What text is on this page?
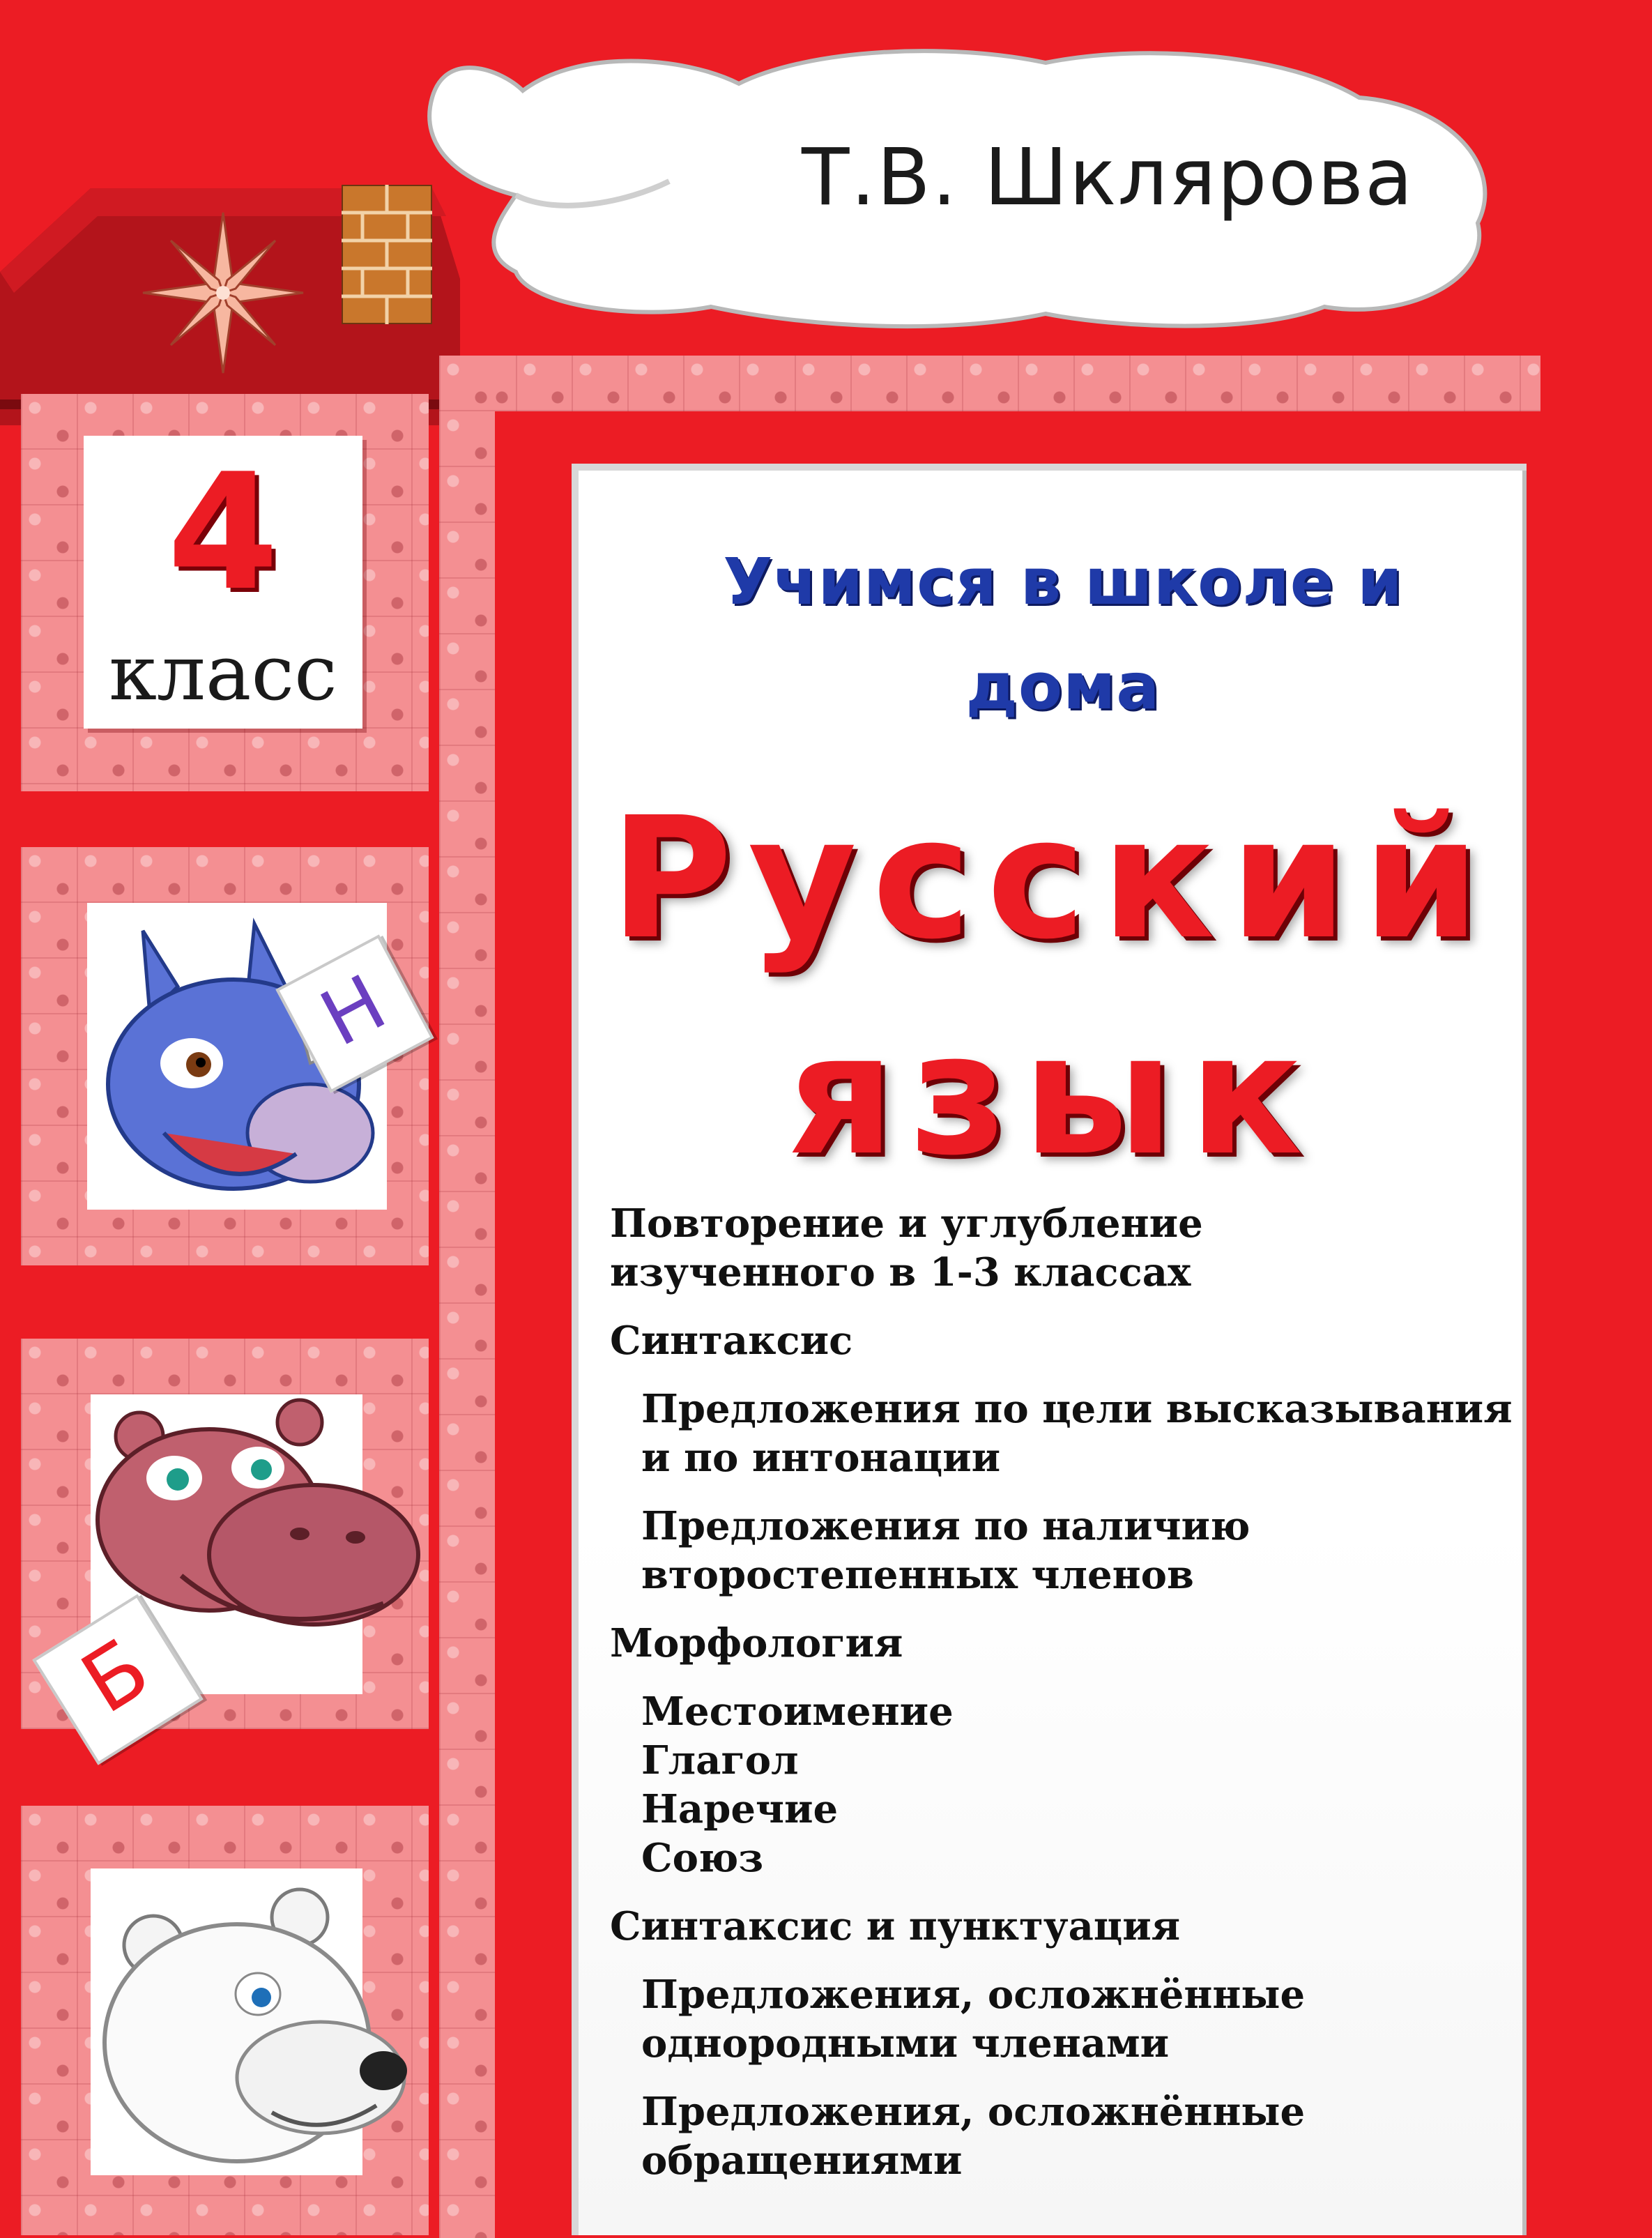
Т.В. Шклярова
4
класс
Н
Б
Учимся в школе и дома
Русский
язык
Повторение и углубление
изученного в 1-3 классах
Синтаксис
Предложения по цели высказывания
и по интонации
Предложения по наличию
второстепенных членов
Морфология
Местоимение
Глагол
Наречие
Союз
Синтаксис и пунктуация
Предложения, осложнённые
однородными членами
Предложения, осложнённые обращениями
